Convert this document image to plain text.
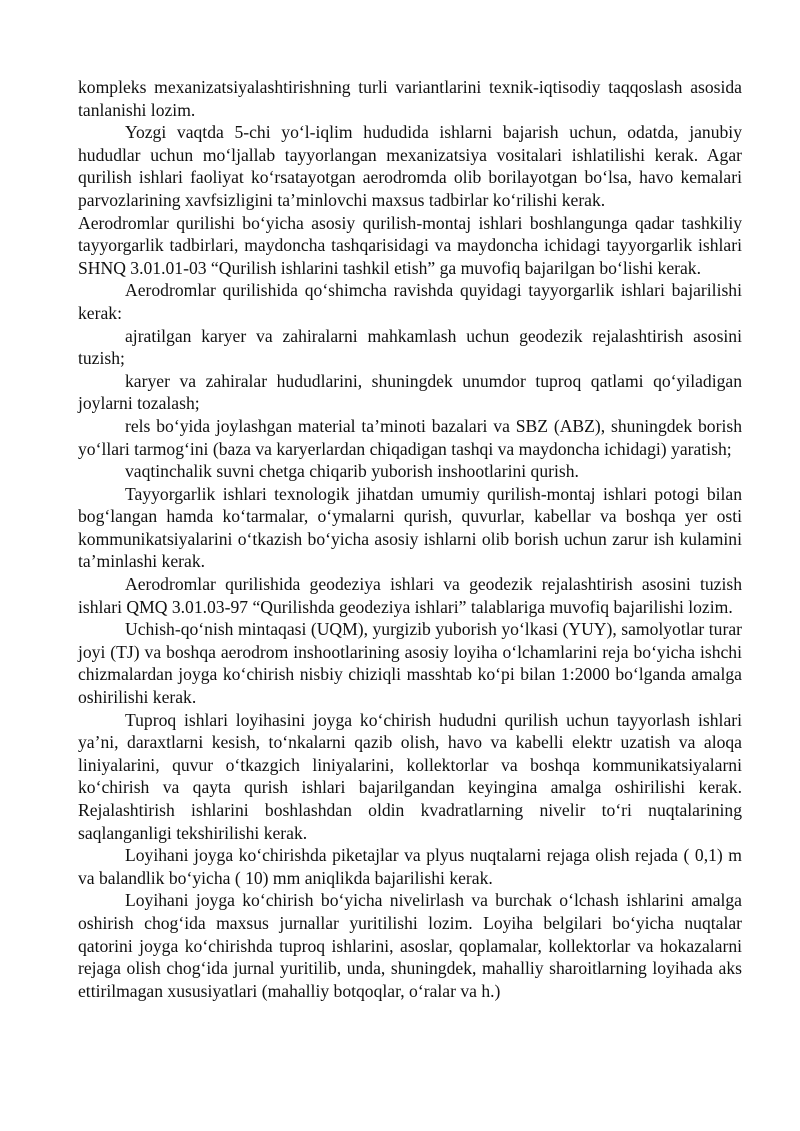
kompleks mexanizatsiyalashtirishning turli variantlarini texnik-iqtisodiy taqqoslash asosida tanlanishi lozim.

Yozgi vaqtda 5-chi yo‘l-iqlim hududida ishlarni bajarish uchun, odatda, janubiy hududlar uchun mo‘ljallab tayyorlangan mexanizatsiya vositalari ishlatilishi kerak. Agar qurilish ishlari faoliyat ko‘rsatayotgan aerodromda olib borilayotgan bo‘lsa, havo kemalari parvozlarining xavfsizligini ta’minlovchi maxsus tadbirlar ko‘rilishi kerak.

Aerodromlar qurilishi bo‘yicha asosiy qurilish-montaj ishlari boshlangunga qadar tashkiliy tayyorgarlik tadbirlari, maydoncha tashqarisidagi va maydoncha ichidagi tayyorgarlik ishlari SHNQ 3.01.01-03 “Qurilish ishlarini tashkil etish” ga muvofiq bajarilgan bo‘lishi kerak.

Aerodromlar qurilishida qo‘shimcha ravishda quyidagi tayyorgarlik ishlari bajarilishi kerak:

ajratilgan karyer va zahiralarni mahkamlash uchun geodezik rejalashtirish asosini tuzish;

karyer va zahiralar hududlarini, shuningdek unumdor tuproq qatlami qo‘yiladigan joylarni tozalash;

rels bo‘yida joylashgan material ta’minoti bazalari va SBZ (ABZ), shuningdek borish yo‘llari tarmog‘ini (baza va karyerlardan chiqadigan tashqi va maydoncha ichidagi) yaratish;

vaqtinchalik suvni chetga chiqarib yuborish inshootlarini qurish.

Tayyorgarlik ishlari texnologik jihatdan umumiy qurilish-montaj ishlari potogi bilan bog‘langan hamda ko‘tarmalar, o‘ymalarni qurish, quvurlar, kabellar va boshqa yer osti kommunikatsiyalarini o‘tkazish bo‘yicha asosiy ishlarni olib borish uchun zarur ish kulamini ta’minlashi kerak.

Aerodromlar qurilishida geodeziya ishlari va geodezik rejalashtirish asosini tuzish ishlari QMQ 3.01.03-97 “Qurilishda geodeziya ishlari” talablariga muvofiq bajarilishi lozim.

Uchish-qo‘nish mintaqasi (UQM), yurgizib yuborish yo‘lkasi (YUY), samolyotlar turar joyi (TJ) va boshqa aerodrom inshootlarining asosiy loyiha o‘lchamlarini reja bo‘yicha ishchi chizmalardan joyga ko‘chirish nisbiy chiziqli masshtab ko‘pi bilan 1:2000 bo‘lganda amalga oshirilishi kerak.

Tuproq ishlari loyihasini joyga ko‘chirish hududni qurilish uchun tayyorlash ishlari ya’ni, daraxtlarni kesish, to‘nkalarni qazib olish, havo va kabelli elektr uzatish va aloqa liniyalarini, quvur o‘tkazgich liniyalarini, kollektorlar va boshqa kommunikatsiyalarni ko‘chirish va qayta qurish ishlari bajarilgandan keyingina amalga oshirilishi kerak. Rejalashtirish ishlarini boshlashdan oldin kvadratlarning nivelir to‘ri nuqtalarining saqlanganligi tekshirilishi kerak.

Loyihani joyga ko‘chirishda piketajlar va plyus nuqtalarni rejaga olish rejada ( 0,1) m va balandlik bo‘yicha ( 10) mm aniqlikda bajarilishi kerak.

Loyihani joyga ko‘chirish bo‘yicha nivelirlash va burchak o‘lchash ishlarini amalga oshirish chog‘ida maxsus jurnallar yuritilishi lozim. Loyiha belgilari bo‘yicha nuqtalar qatorini joyga ko‘chirishda tuproq ishlarini, asoslar, qoplamalar, kollektorlar va hokazalarni rejaga olish chog‘ida jurnal yuritilib, unda, shuningdek, mahalliy sharoitlarning loyihada aks ettirilmagan xususiyatlari (mahalliy botqoqlar, o‘ralar va h.)
